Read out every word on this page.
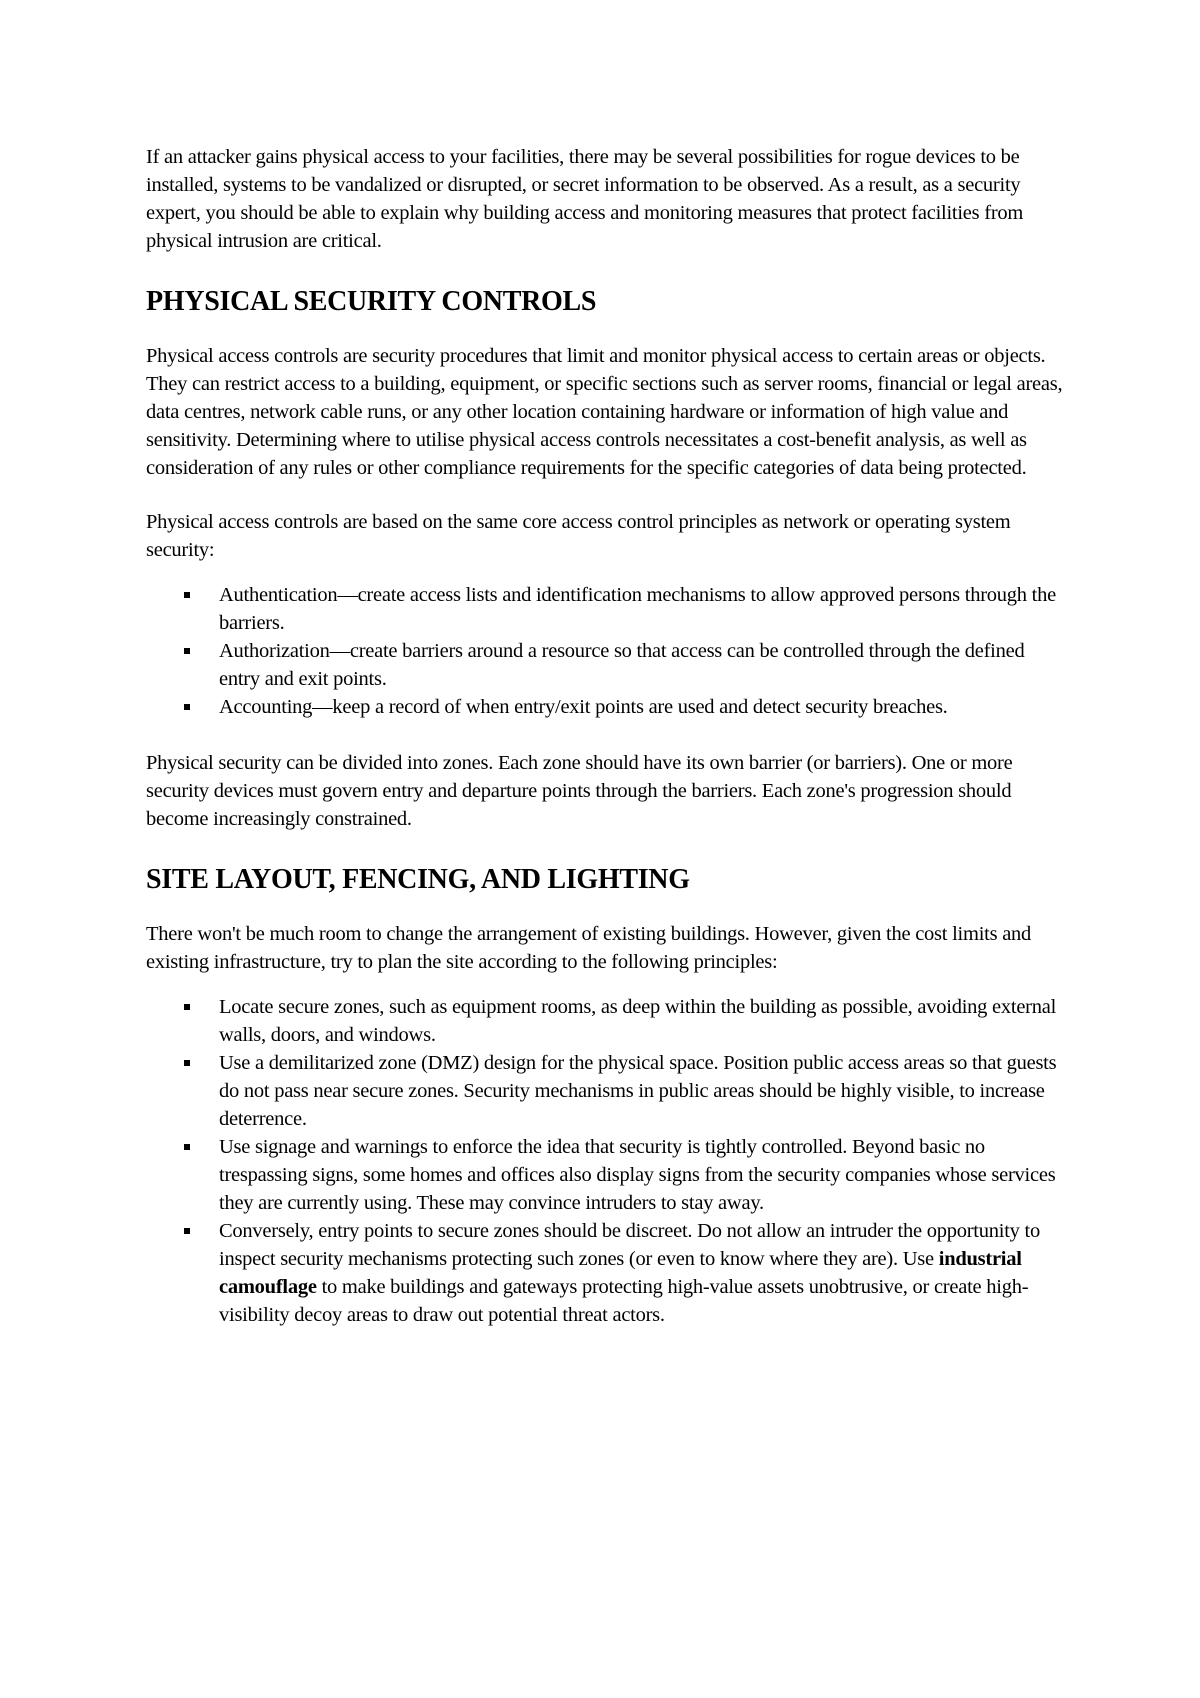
If an attacker gains physical access to your facilities, there may be several possibilities for rogue devices to be installed, systems to be vandalized or disrupted, or secret information to be observed. As a result, as a security expert, you should be able to explain why building access and monitoring measures that protect facilities from physical intrusion are critical.

PHYSICAL SECURITY CONTROLS

Physical access controls are security procedures that limit and monitor physical access to certain areas or objects. They can restrict access to a building, equipment, or specific sections such as server rooms, financial or legal areas, data centres, network cable runs, or any other location containing hardware or information of high value and sensitivity. Determining where to utilise physical access controls necessitates a cost-benefit analysis, as well as consideration of any rules or other compliance requirements for the specific categories of data being protected.

Physical access controls are based on the same core access control principles as network or operating system security:

Authentication—create access lists and identification mechanisms to allow approved persons through the barriers.
Authorization—create barriers around a resource so that access can be controlled through the defined entry and exit points.
Accounting—keep a record of when entry/exit points are used and detect security breaches.

Physical security can be divided into zones. Each zone should have its own barrier (or barriers). One or more security devices must govern entry and departure points through the barriers. Each zone's progression should become increasingly constrained.

SITE LAYOUT, FENCING, AND LIGHTING

There won't be much room to change the arrangement of existing buildings. However, given the cost limits and existing infrastructure, try to plan the site according to the following principles:

Locate secure zones, such as equipment rooms, as deep within the building as possible, avoiding external walls, doors, and windows.
Use a demilitarized zone (DMZ) design for the physical space. Position public access areas so that guests do not pass near secure zones. Security mechanisms in public areas should be highly visible, to increase deterrence.
Use signage and warnings to enforce the idea that security is tightly controlled. Beyond basic no trespassing signs, some homes and offices also display signs from the security companies whose services they are currently using. These may convince intruders to stay away.
Conversely, entry points to secure zones should be discreet. Do not allow an intruder the opportunity to inspect security mechanisms protecting such zones (or even to know where they are). Use industrial camouflage to make buildings and gateways protecting high-value assets unobtrusive, or create high-visibility decoy areas to draw out potential threat actors.
